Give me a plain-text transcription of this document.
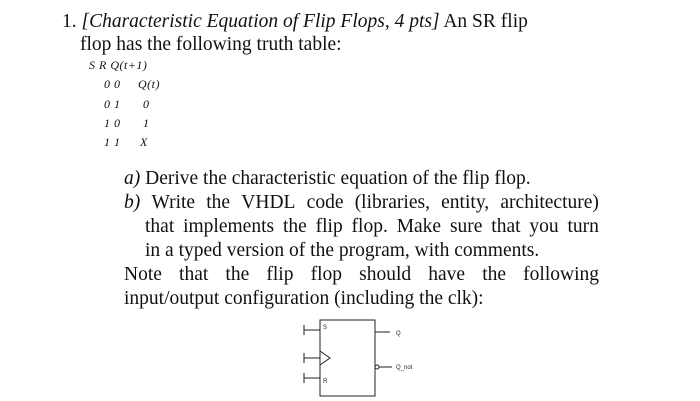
1. [Characteristic Equation of Flip Flops, 4 pts] An SR flip
flop has the following truth table:
S R Q(t+1)
0 0 Q(t)
0 1 0
1 0 1
1 1 X
a) Derive the characteristic equation of the flip flop.
b) Write the VHDL code (libraries, entity, architecture)
that implements the flip flop. Make sure that you turn
in a typed version of the program, with comments.
Note that the flip flop should have the following
input/output configuration (including the clk):
S
R
Q
Q_not
